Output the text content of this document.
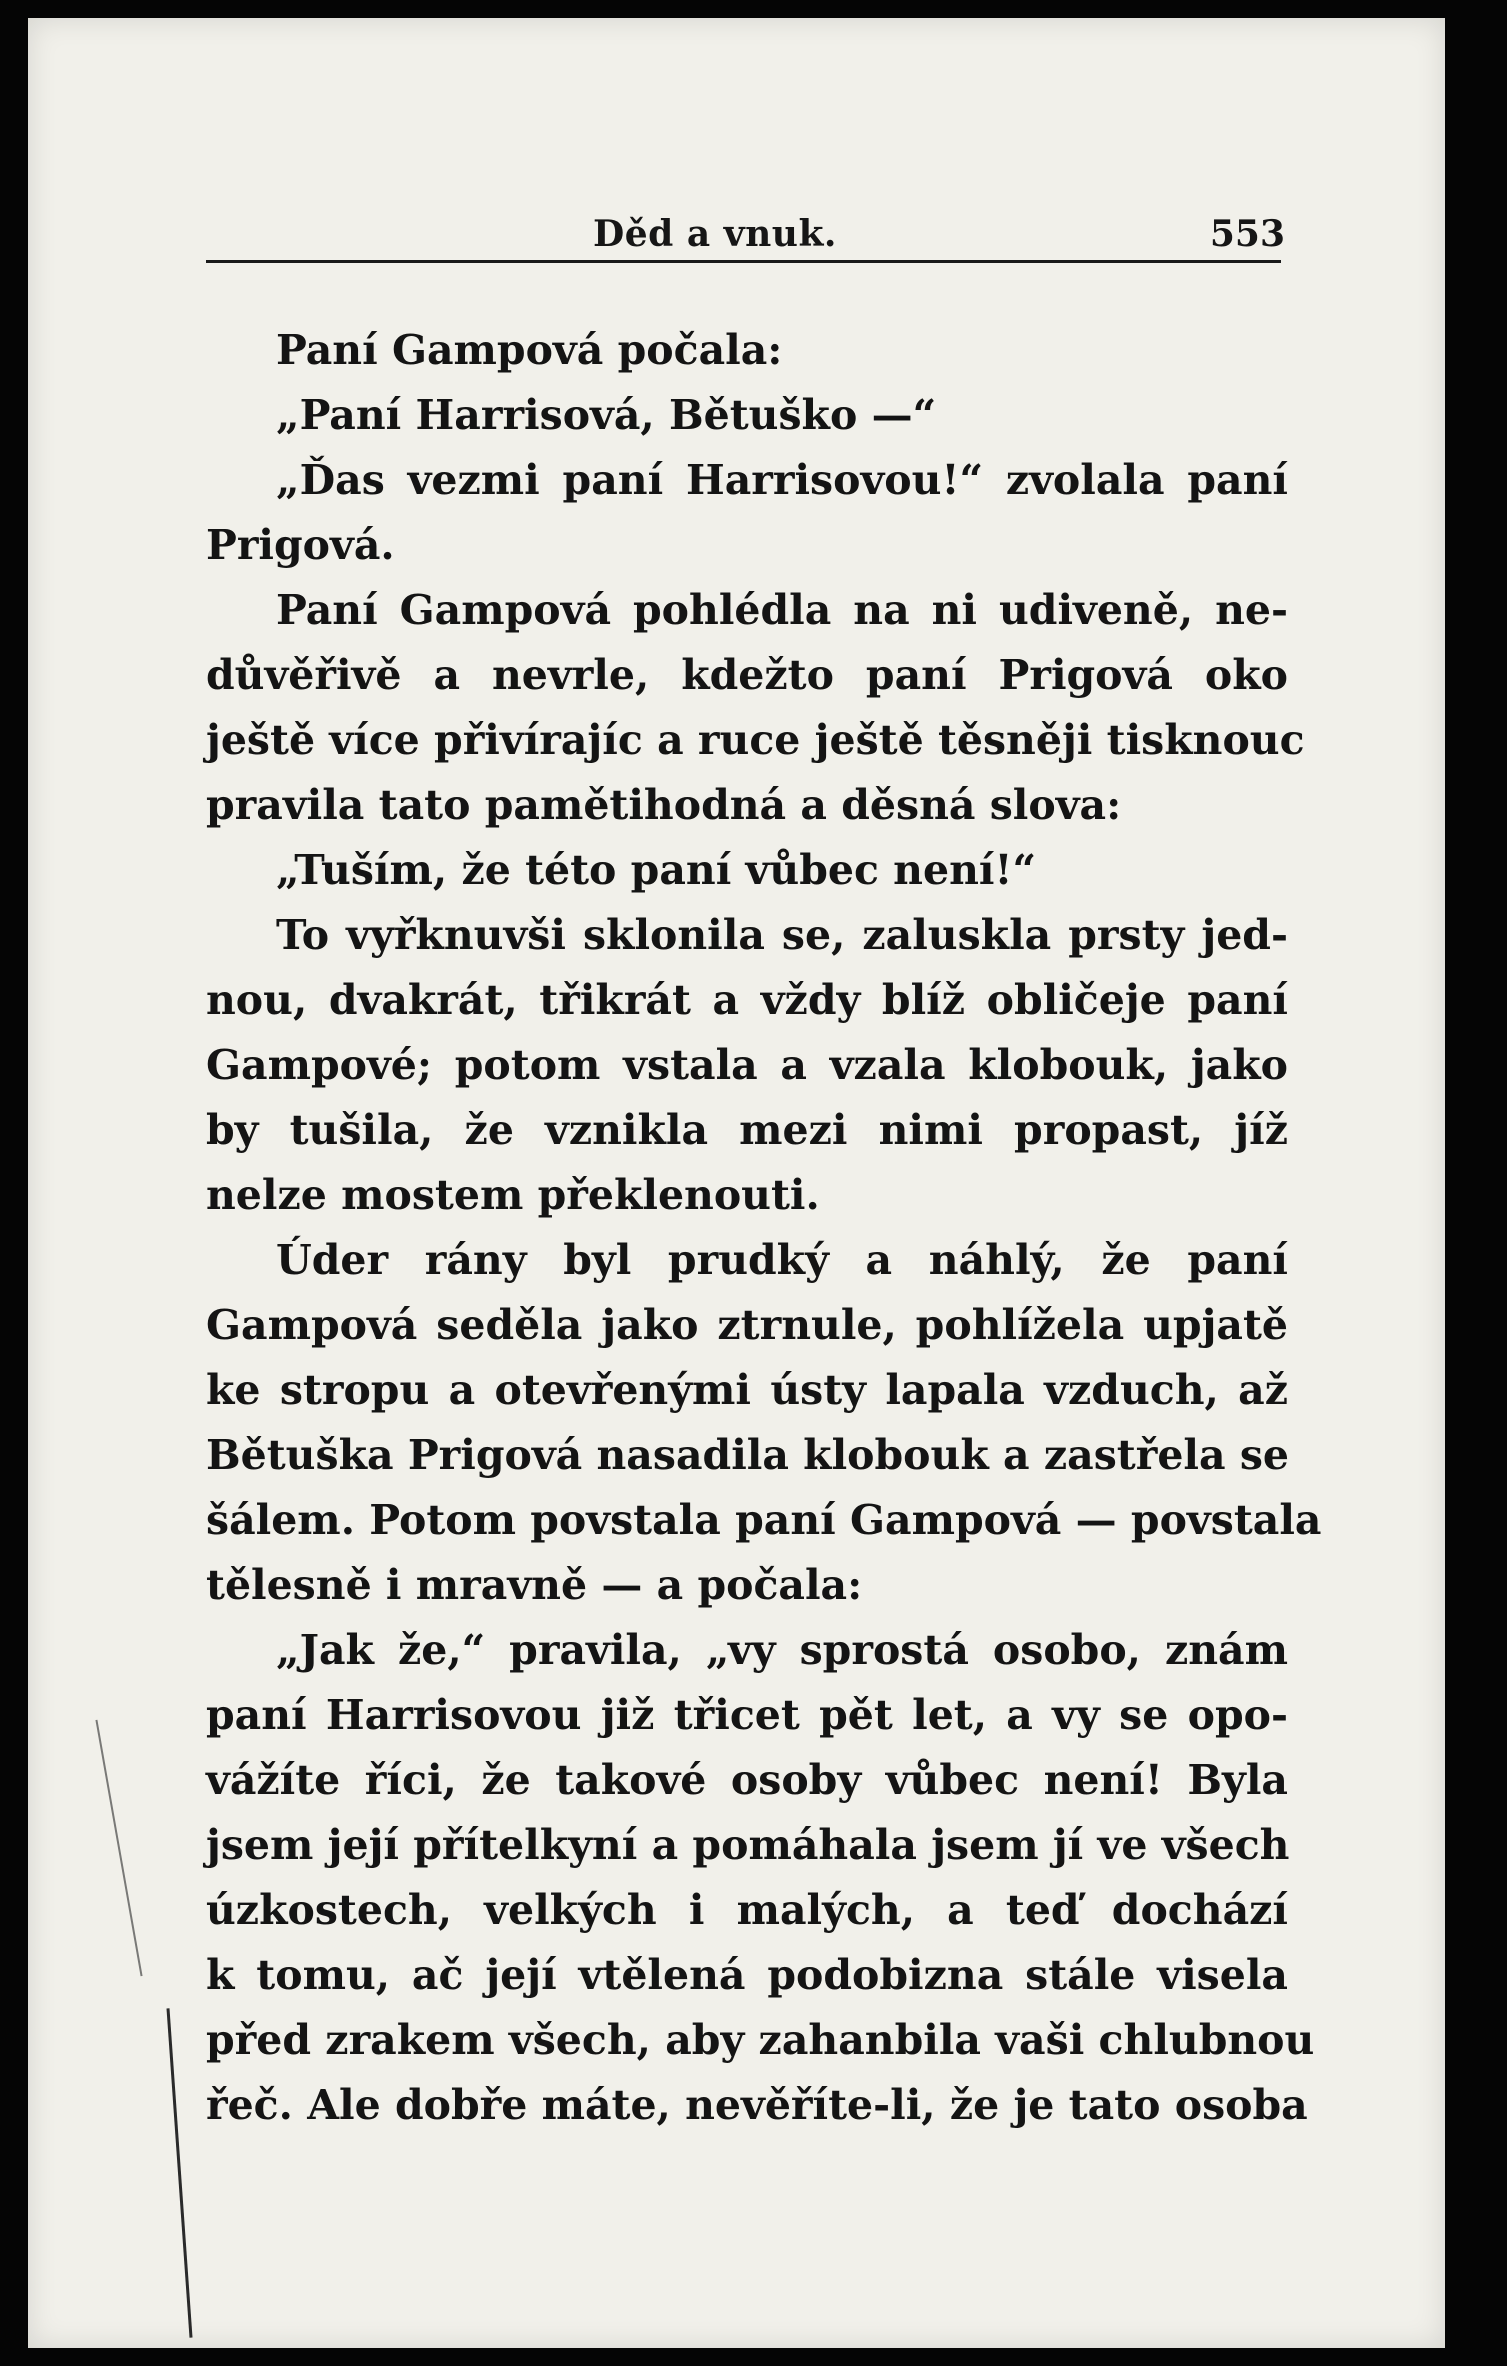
Děd a vnuk.	553
Paní Gampová počala:
„Paní Harrisová, Bětuško —“
„Ďas vezmi paní Harrisovou!“ zvolala paní
Prigová.
Paní Gampová pohlédla na ni udiveně, ne-
důvěřivě a nevrle, kdežto paní Prigová oko
ještě více přivírajíc a ruce ještě těsněji tisknouc
pravila tato pamětihodná a děsná slova:
„Tuším, že této paní vůbec není!“
To vyřknuvši sklonila se, zaluskla prsty jed-
nou, dvakrát, třikrát a vždy blíž obličeje paní
Gampové; potom vstala a vzala klobouk, jako
by tušila, že vznikla mezi nimi propast, jíž
nelze mostem překlenouti.
Úder rány byl prudký a náhlý, že paní
Gampová seděla jako ztrnule, pohlížela upjatě
ke stropu a otevřenými ústy lapala vzduch, až
Bětuška Prigová nasadila klobouk a zastřela se
šálem. Potom povstala paní Gampová — povstala
tělesně i mravně — a počala:
„Jak že,“ pravila, „vy sprostá osobo, znám
paní Harrisovou již třicet pět let, a vy se opo-
vážíte říci, že takové osoby vůbec není! Byla
jsem její přítelkyní a pomáhala jsem jí ve všech
úzkostech, velkých i malých, a teď dochází
k tomu, ač její vtělená podobizna stále visela
před zrakem všech, aby zahanbila vaši chlubnou
řeč. Ale dobře máte, nevěříte-li, že je tato osoba
